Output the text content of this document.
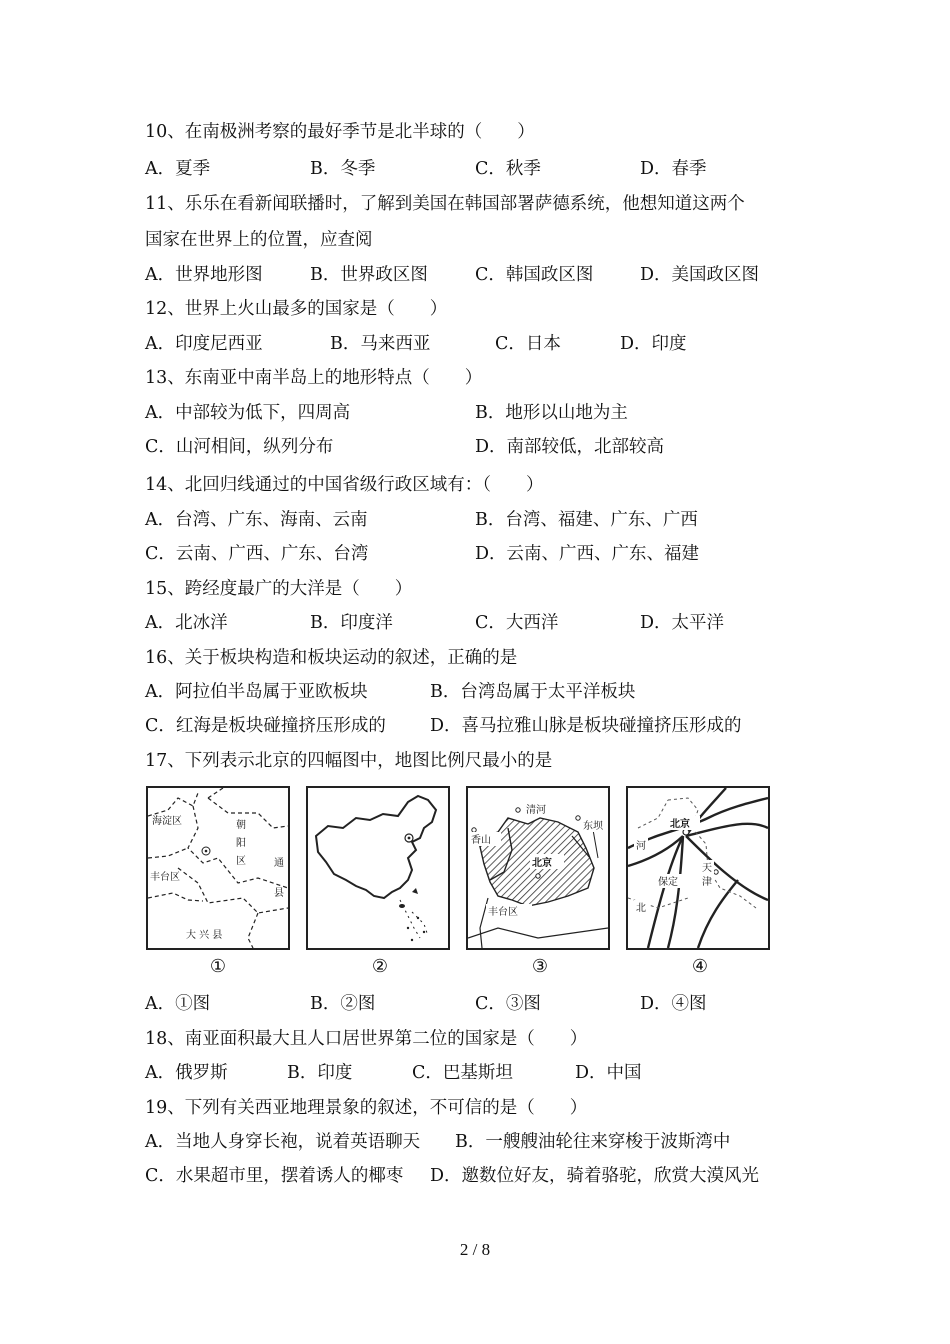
10、在南极洲考察的最好季节是北半球的（　　）
A．夏季	B．冬季	C．秋季	D．春季
11、乐乐在看新闻联播时，了解到美国在韩国部署萨德系统，他想知道这两个
国家在世界上的位置，应查阅
A．世界地形图	B．世界政区图	C．韩国政区图	D．美国政区图
12、世界上火山最多的国家是（　　）
A．印度尼西亚	B．马来西亚	C．日本	D．印度
13、东南亚中南半岛上的地形特点（　　）
A．中部较为低下，四周高	B．地形以山地为主
C．山河相间，纵列分布	D．南部较低，北部较高
14、北回归线通过的中国省级行政区域有：（　　）
A．台湾、广东、海南、云南	B．台湾、福建、广东、广西
C．云南、广西、广东、台湾	D．云南、广西、广东、福建
15、跨经度最广的大洋是（　　）
A．北冰洋	B．印度洋	C．大西洋	D．太平洋
16、关于板块构造和板块运动的叙述，正确的是
A．阿拉伯半岛属于亚欧板块	B．台湾岛属于太平洋板块
C．红海是板块碰撞挤压形成的	D．喜马拉雅山脉是板块碰撞挤压形成的
17、下列表示北京的四幅图中，地图比例尺最小的是
海淀区	朝
阳
区
丰台区
通
县
大 兴 县
①	②
清河
香山
东坝
北京
丰台区
③
北京
河
天
津
保定
北
④
A．①图	B．②图	C．③图	D．④图
18、南亚面积最大且人口居世界第二位的国家是（　　）
A．俄罗斯	B．印度	C．巴基斯坦	D．中国
19、下列有关西亚地理景象的叙述，不可信的是（　　）
A．当地人身穿长袍，说着英语聊天 B．一艘艘油轮往来穿梭于波斯湾中
C．水果超市里，摆着诱人的椰枣 D．邀数位好友，骑着骆驼，欣赏大漠风光
2 / 8
